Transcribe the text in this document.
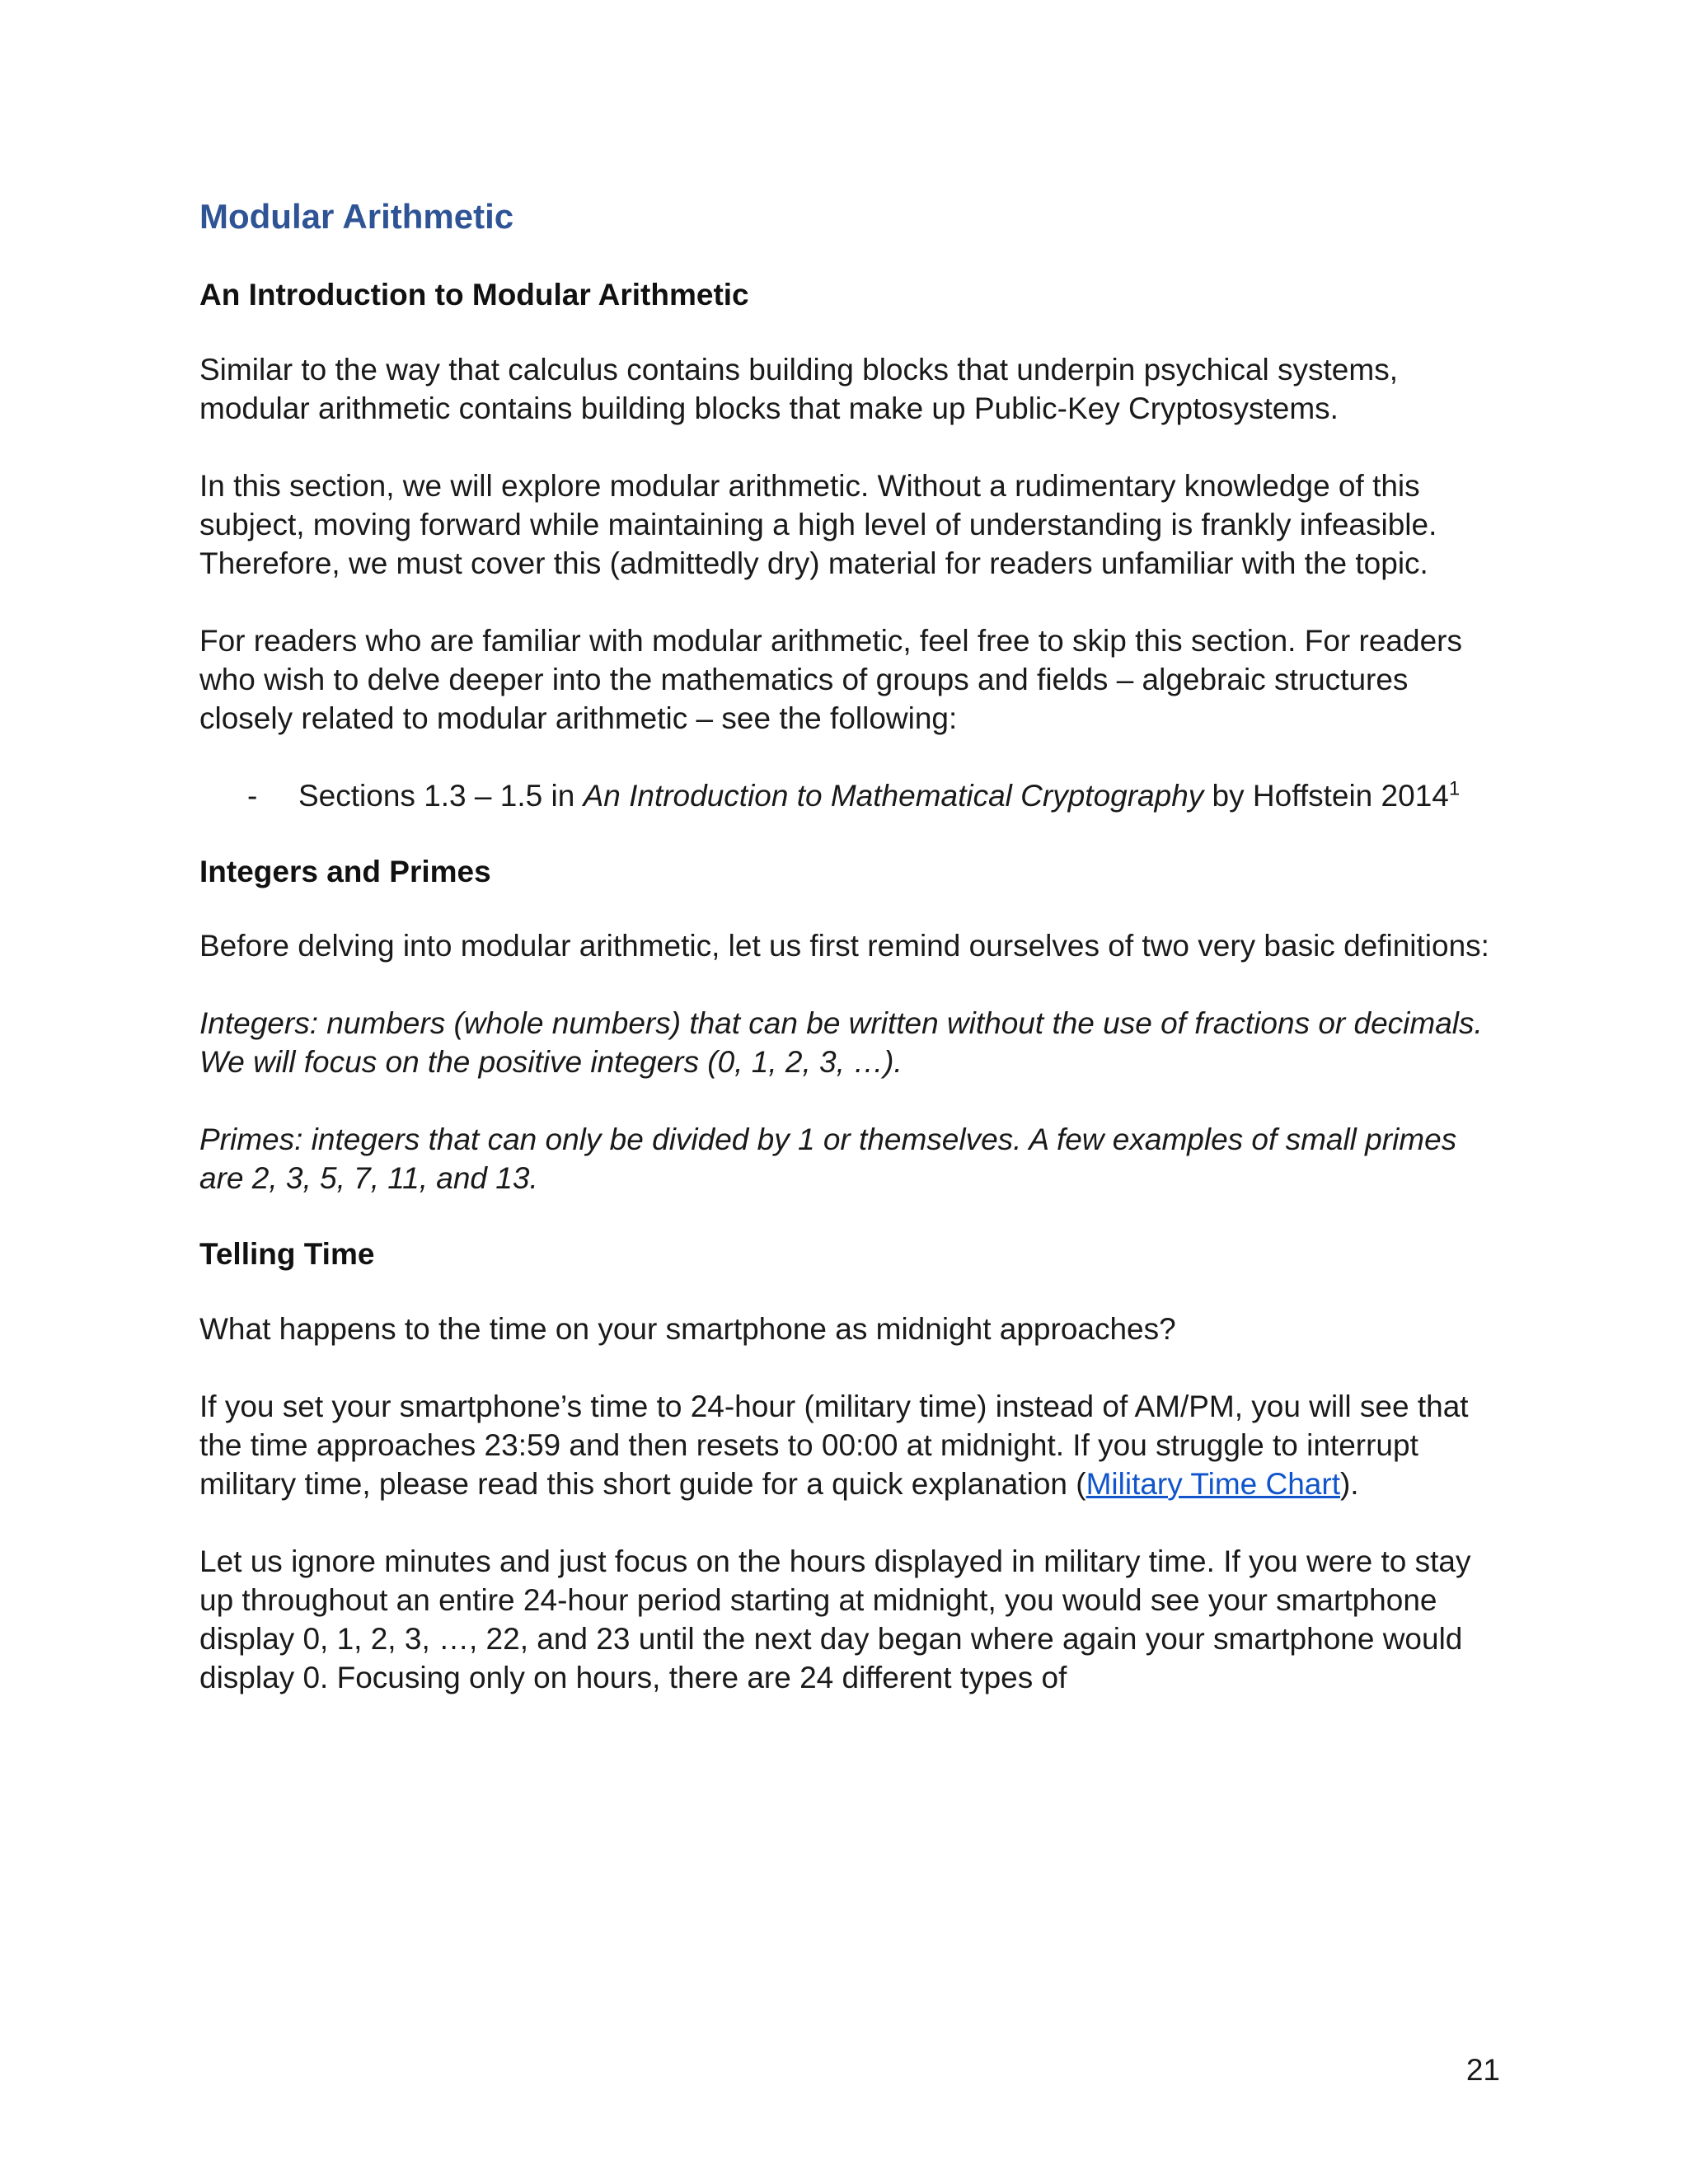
Modular Arithmetic
An Introduction to Modular Arithmetic

Similar to the way that calculus contains building blocks that underpin psychical systems, modular arithmetic contains building blocks that make up Public-Key Cryptosystems.

In this section, we will explore modular arithmetic. Without a rudimentary knowledge of this subject, moving forward while maintaining a high level of understanding is frankly infeasible. Therefore, we must cover this (admittedly dry) material for readers unfamiliar with the topic.

For readers who are familiar with modular arithmetic, feel free to skip this section. For readers who wish to delve deeper into the mathematics of groups and fields – algebraic structures closely related to modular arithmetic – see the following:

- Sections 1.3 – 1.5 in An Introduction to Mathematical Cryptography by Hoffstein 2014$^1$
Integers and Primes

Before delving into modular arithmetic, let us first remind ourselves of two very basic definitions:

Integers: numbers (whole numbers) that can be written without the use of fractions or decimals. We will focus on the positive integers (0, 1, 2, 3, …).

Primes: integers that can only be divided by 1 or themselves. A few examples of small primes are 2, 3, 5, 7, 11, and 13.

Telling Time

What happens to the time on your smartphone as midnight approaches?

If you set your smartphone’s time to 24-hour (military time) instead of AM/PM, you will see that the time approaches 23:59 and then resets to 00:00 at midnight. If you struggle to interrupt military time, please read this short guide for a quick explanation (Military Time Chart).

Let us ignore minutes and just focus on the hours displayed in military time. If you were to stay up throughout an entire 24-hour period starting at midnight, you would see your smartphone display 0, 1, 2, 3, …, 22, and 23 until the next day began where again your smartphone would display 0. Focusing only on hours, there are 24 different types of

21
